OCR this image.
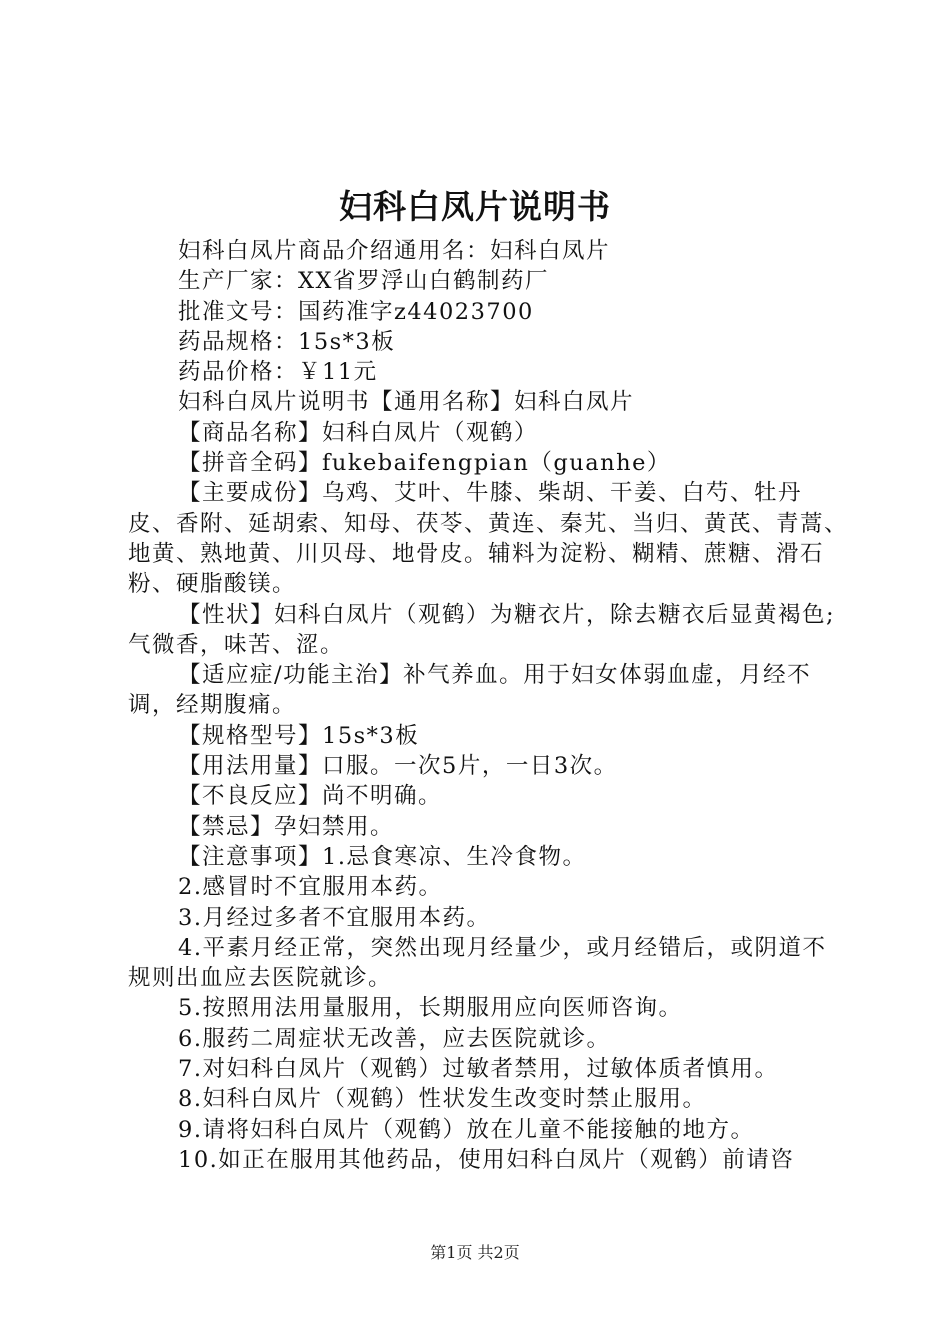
妇科白凤片说明书

妇科白凤片商品介绍通用名：妇科白凤片

生产厂家：XX省罗浮山白鹤制药厂

批准文号：国药准字z44023700

药品规格：15s*3板

药品价格：￥11元

妇科白凤片说明书【通用名称】妇科白凤片

【商品名称】妇科白凤片（观鹤）

【拼音全码】fukebaifengpian（guanhe）

【主要成份】乌鸡、艾叶、牛膝、柴胡、干姜、白芍、牡丹皮、香附、延胡索、知母、茯苓、黄连、秦艽、当归、黄芪、青蒿、地黄、熟地黄、川贝母、地骨皮。辅料为淀粉、糊精、蔗糖、滑石粉、硬脂酸镁。

【性状】妇科白凤片（观鹤）为糖衣片，除去糖衣后显黄褐色;气微香，味苦、涩。

【适应症/功能主治】补气养血。用于妇女体弱血虚，月经不调，经期腹痛。

【规格型号】15s*3板

【用法用量】口服。一次5片，一日3次。

【不良反应】尚不明确。

【禁忌】孕妇禁用。

【注意事项】1.忌食寒凉、生冷食物。

2.感冒时不宜服用本药。

3.月经过多者不宜服用本药。

4.平素月经正常，突然出现月经量少，或月经错后，或阴道不规则出血应去医院就诊。

5.按照用法用量服用，长期服用应向医师咨询。

6.服药二周症状无改善，应去医院就诊。

7.对妇科白凤片（观鹤）过敏者禁用，过敏体质者慎用。

8.妇科白凤片（观鹤）性状发生改变时禁止服用。

9.请将妇科白凤片（观鹤）放在儿童不能接触的地方。

10.如正在服用其他药品，使用妇科白凤片（观鹤）前请咨

第1页 共2页
